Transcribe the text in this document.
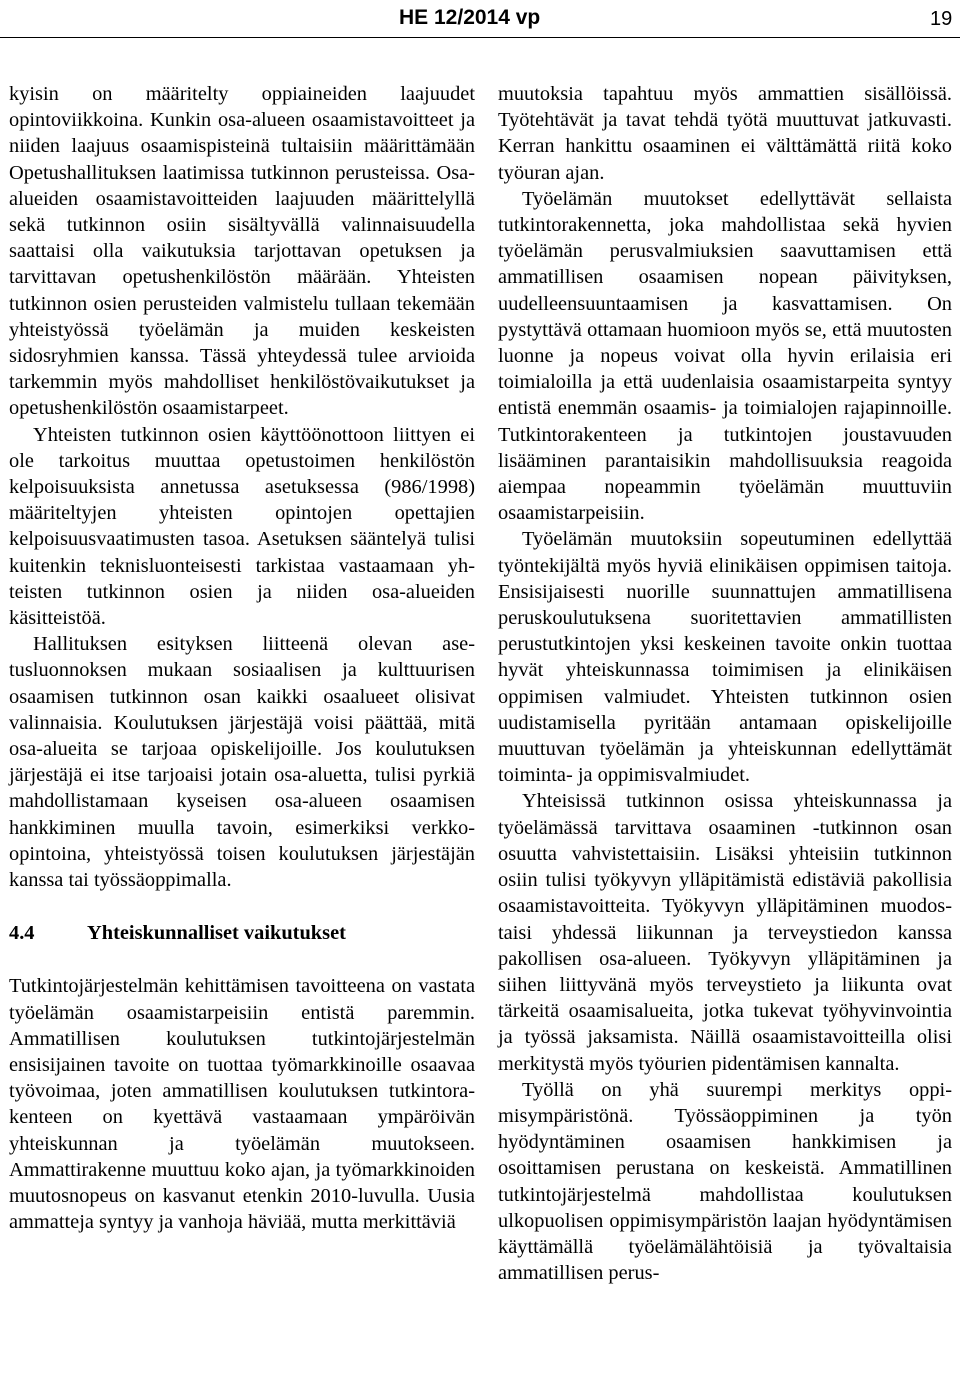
HE 12/2014 vp	19

kyisin on määritelty oppiaineiden laajuudet opintoviikkoina. Kunkin osa-alueen osaamistavoitteet ja niiden laajuus osaamispisteinä tultaisiin määrittämään Opetushallituksen laatimissa tutkinnon perusteissa. Osaalueiden osaamistavoitteiden laajuuden määrittelyllä sekä tutkinnon osiin sisältyvällä valinnaisuudella saattaisi olla vaikutuksia tarjottavan opetuksen ja tarvittavan opetushenkilöstön määrään. Yhteisten tutkinnon osien perusteiden valmistelu tullaan tekemään yhteistyössä työelämän ja muiden keskeisten sidosryhmien kanssa. Tässä yhteydessä tulee arvioida tarkemmin myös mahdolliset henkilöstövaikutukset ja opetushenkilöstön osaamistarpeet.

Yhteisten tutkinnon osien käyttöönottoon liittyen ei ole tarkoitus muuttaa opetustoimen henkilöstön kelpoisuuksista annetussa asetuksessa (986/1998) määriteltyjen yhteisten opintojen opettajien kelpoisuusvaatimusten tasoa. Asetuksen sääntelyä tulisi kuitenkin teknisluonteisesti tarkistaa vastaamaan yhteisten tutkinnon osien ja niiden osa-alueiden käsitteistöä.

Hallituksen esityksen liitteenä olevan asetusluonnoksen mukaan sosiaalisen ja kulttuurisen osaamisen tutkinnon osan kaikki osaalueet olisivat valinnaisia. Koulutuksen järjestäjä voisi päättää, mitä osa-alueita se tarjoaa opiskelijoille. Jos koulutuksen järjestäjä ei itse tarjoaisi jotain osa-aluetta, tulisi pyrkiä mahdollistamaan kyseisen osa-alueen osaamisen hankkiminen muulla tavoin, esimerkiksi verkko-opintoina, yhteistyössä toisen koulutuksen järjestäjän kanssa tai työssäoppimalla.

4.4	Yhteiskunnalliset vaikutukset

Tutkintojärjestelmän kehittämisen tavoitteena on vastata työelämän osaamistarpeisiin entistä paremmin. Ammatillisen koulutuksen tutkintojärjestelmän ensisijainen tavoite on tuottaa työmarkkinoille osaavaa työvoimaa, joten ammatillisen koulutuksen tutkintorakenteen on kyettävä vastaamaan ympäröivän yhteiskunnan ja työelämän muutokseen. Ammattirakenne muuttuu koko ajan, ja työmarkkinoiden muutosnopeus on kasvanut etenkin 2010-luvulla. Uusia ammatteja syntyy ja vanhoja häviää, mutta merkittäviä

muutoksia tapahtuu myös ammattien sisällöissä. Työtehtävät ja tavat tehdä työtä muuttuvat jatkuvasti. Kerran hankittu osaaminen ei välttämättä riitä koko työuran ajan.

Työelämän muutokset edellyttävät sellaista tutkintorakennetta, joka mahdollistaa sekä hyvien työelämän perusvalmiuksien saavuttamisen että ammatillisen osaamisen nopean päivityksen, uudelleensuuntaamisen ja kasvattamisen. On pystyttävä ottamaan huomioon myös se, että muutosten luonne ja nopeus voivat olla hyvin erilaisia eri toimialoilla ja että uudenlaisia osaamistarpeita syntyy entistä enemmän osaamis- ja toimialojen rajapinnoille. Tutkintorakenteen ja tutkintojen joustavuuden lisääminen parantaisikin mahdollisuuksia reagoida aiempaa nopeammin työelämän muuttuviin osaamistarpeisiin.

Työelämän muutoksiin sopeutuminen edellyttää työntekijältä myös hyviä elinikäisen oppimisen taitoja. Ensisijaisesti nuorille suunnattujen ammatillisena peruskoulutuksena suoritettavien ammatillisten perustutkintojen yksi keskeinen tavoite onkin tuottaa hyvät yhteiskunnassa toimimisen ja elinikäisen oppimisen valmiudet. Yhteisten tutkinnon osien uudistamisella pyritään antamaan opiskelijoille muuttuvan työelämän ja yhteiskunnan edellyttämät toiminta- ja oppimisvalmiudet.

Yhteisissä tutkinnon osissa yhteiskunnassa ja työelämässä tarvittava osaaminen -tutkinnon osan osuutta vahvistettaisiin. Lisäksi yhteisiin tutkinnon osiin tulisi työkyvyn ylläpitämistä edistäviä pakollisia osaamistavoitteita. Työkyvyn ylläpitäminen muodostaisi yhdessä liikunnan ja terveystiedon kanssa pakollisen osa-alueen. Työkyvyn ylläpitäminen ja siihen liittyvänä myös terveystieto ja liikunta ovat tärkeitä osaamisalueita, jotka tukevat työhyvinvointia ja työssä jaksamista. Näillä osaamistavoitteilla olisi merkitystä myös työurien pidentämisen kannalta.

Työllä on yhä suurempi merkitys oppimisympäristönä. Työssäoppiminen ja työn hyödyntäminen osaamisen hankkimisen ja osoittamisen perustana on keskeistä. Ammatillinen tutkintojärjestelmä mahdollistaa koulutuksen ulkopuolisen oppimisympäristön laajan hyödyntämisen käyttämällä työelämälähtöisiä ja työvaltaisia ammatillisen perus-
